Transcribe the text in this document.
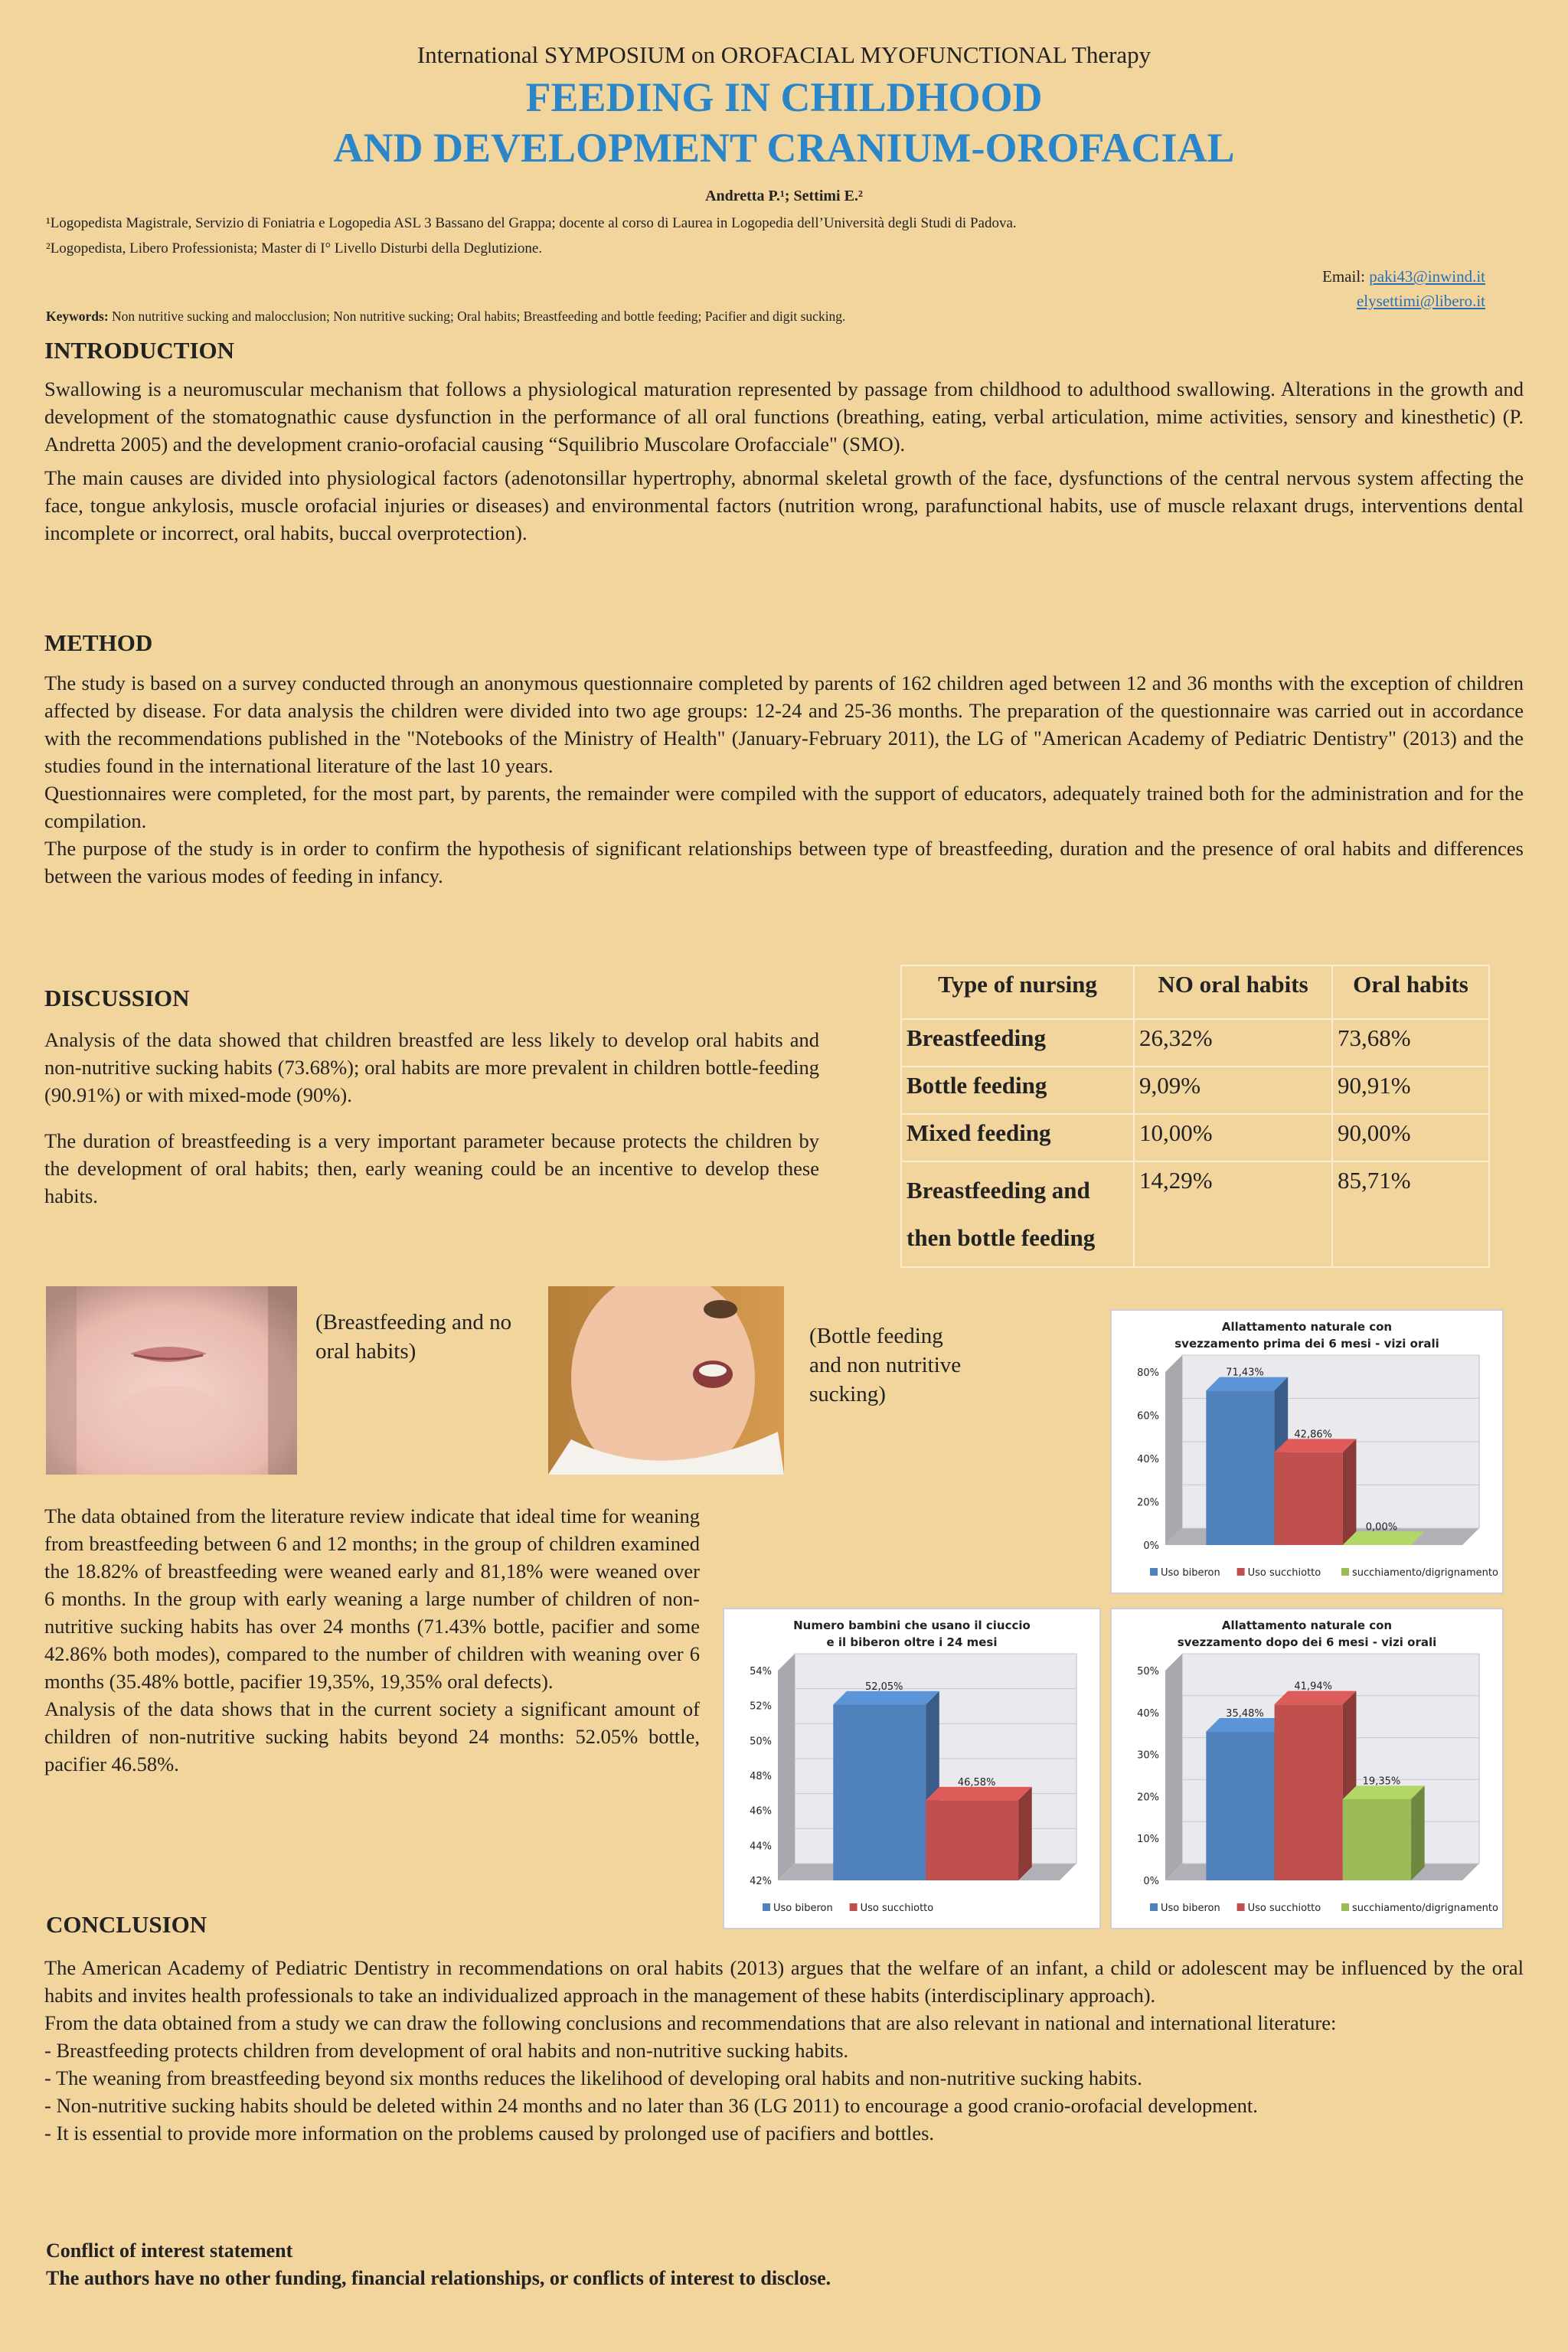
International SYMPOSIUM on OROFACIAL MYOFUNCTIONAL Therapy
FEEDING IN CHILDHOOD
AND DEVELOPMENT CRANIUM-OROFACIAL
Andretta P.¹; Settimi E.²
¹Logopedista Magistrale, Servizio di Foniatria e Logopedia ASL 3 Bassano del Grappa; docente al corso di Laurea in Logopedia dell’Università degli Studi di Padova.
²Logopedista, Libero Professionista; Master di I° Livello Disturbi della Deglutizione.
Email: paki43@inwind.it
elysettimi@libero.it
Keywords: Non nutritive sucking and malocclusion; Non nutritive sucking; Oral habits; Breastfeeding and bottle feeding; Pacifier and digit sucking.
INTRODUCTION

Swallowing is a neuromuscular mechanism that follows a physiological maturation represented by passage from childhood to adulthood swallowing. Alterations in the growth and development of the stomatognathic cause dysfunction in the performance of all oral functions (breathing, eating, verbal articulation, mime activities, sensory and kinesthetic) (P. Andretta 2005) and the development cranio-orofacial causing “Squilibrio Muscolare Orofacciale" (SMO).

The main causes are divided into physiological factors (adenotonsillar hypertrophy, abnormal skeletal growth of the face, dysfunctions of the central nervous system affecting the face, tongue ankylosis, muscle orofacial injuries or diseases) and environmental factors (nutrition wrong, parafunctional habits, use of muscle relaxant drugs, interventions dental incomplete or incorrect, oral habits, buccal overprotection).

METHOD

The study is based on a survey conducted through an anonymous questionnaire completed by parents of 162 children aged between 12 and 36 months with the exception of children affected by disease. For data analysis the children were divided into two age groups: 12-24 and 25-36 months. The preparation of the questionnaire was carried out in accordance with the recommendations published in the "Notebooks of the Ministry of Health" (January-February 2011), the LG of "American Academy of Pediatric Dentistry" (2013) and the studies found in the international literature of the last 10 years.

Questionnaires were completed, for the most part, by parents, the remainder were compiled with the support of educators, adequately trained both for the administration and for the compilation.

The purpose of the study is in order to confirm the hypothesis of significant relationships between type of breastfeeding, duration and the presence of oral habits and differences between the various modes of feeding in infancy.

DISCUSSION

Analysis of the data showed that children breastfed are less likely to develop oral habits and non-nutritive sucking habits (73.68%); oral habits are more prevalent in children bottle-feeding (90.91%) or with mixed-mode (90%).

The duration of breastfeeding is a very important parameter because protects the children by the development of oral habits; then, early weaning could be an incentive to develop these habits.

Type of nursing	NO oral habits	Oral habits
Breastfeeding	26,32%	73,68%
Bottle feeding	9,09%	90,91%
Mixed feeding	10,00%	90,00%
Breastfeeding and then bottle feeding	14,29%	85,71%
(Breastfeeding and no oral habits)
(Bottle feeding and non nutritive sucking)

The data obtained from the literature review indicate that ideal time for weaning from breastfeeding between 6 and 12 months; in the group of children examined the 18.82% of breastfeeding were weaned early and 81,18% were weaned over 6 months. In the group with early weaning a large number of children of non-nutritive sucking habits has over 24 months (71.43% bottle, pacifier and some 42.86% both modes), compared to the number of children with weaning over 6 months (35.48% bottle, pacifier 19,35%, 19,35% oral defects).

Analysis of the data shows that in the current society a significant amount of children of non-nutritive sucking habits beyond 24 months: 52.05% bottle, pacifier 46.58%.

Allattamento naturale con
svezzamento prima dei 6 mesi - vizi orali
0%
20%
40%
60%
80%	71,43%
42,86%
0,00%
Uso biberon	Uso succhiotto	succhiamento/digrignamento
Numero bambini che usano il ciuccio
e il biberon oltre i 24 mesi
42%
44%
46%
48%
50%
52%
54%
52,05%
46,58%
Uso biberon	Uso succhiotto
Allattamento naturale con
svezzamento dopo dei 6 mesi - vizi orali
0%
10%
20%
30%
40%
50%
35,48%
41,94%
19,35%
Uso biberon	Uso succhiotto	succhiamento/digrignamento
CONCLUSION

The American Academy of Pediatric Dentistry in recommendations on oral habits (2013) argues that the welfare of an infant, a child or adolescent may be influenced by the oral habits and invites health professionals to take an individualized approach in the management of these habits (interdisciplinary approach).

From the data obtained from a study we can draw the following conclusions and recommendations that are also relevant in national and international literature:

- Breastfeeding protects children from development of oral habits and non-nutritive sucking habits.

- The weaning from breastfeeding beyond six months reduces the likelihood of developing oral habits and non-nutritive sucking habits.

- Non-nutritive sucking habits should be deleted within 24 months and no later than 36 (LG 2011) to encourage a good cranio-orofacial development.

- It is essential to provide more information on the problems caused by prolonged use of pacifiers and bottles.

Conflict of interest statement
The authors have no other funding, financial relationships, or conflicts of interest to disclose.
